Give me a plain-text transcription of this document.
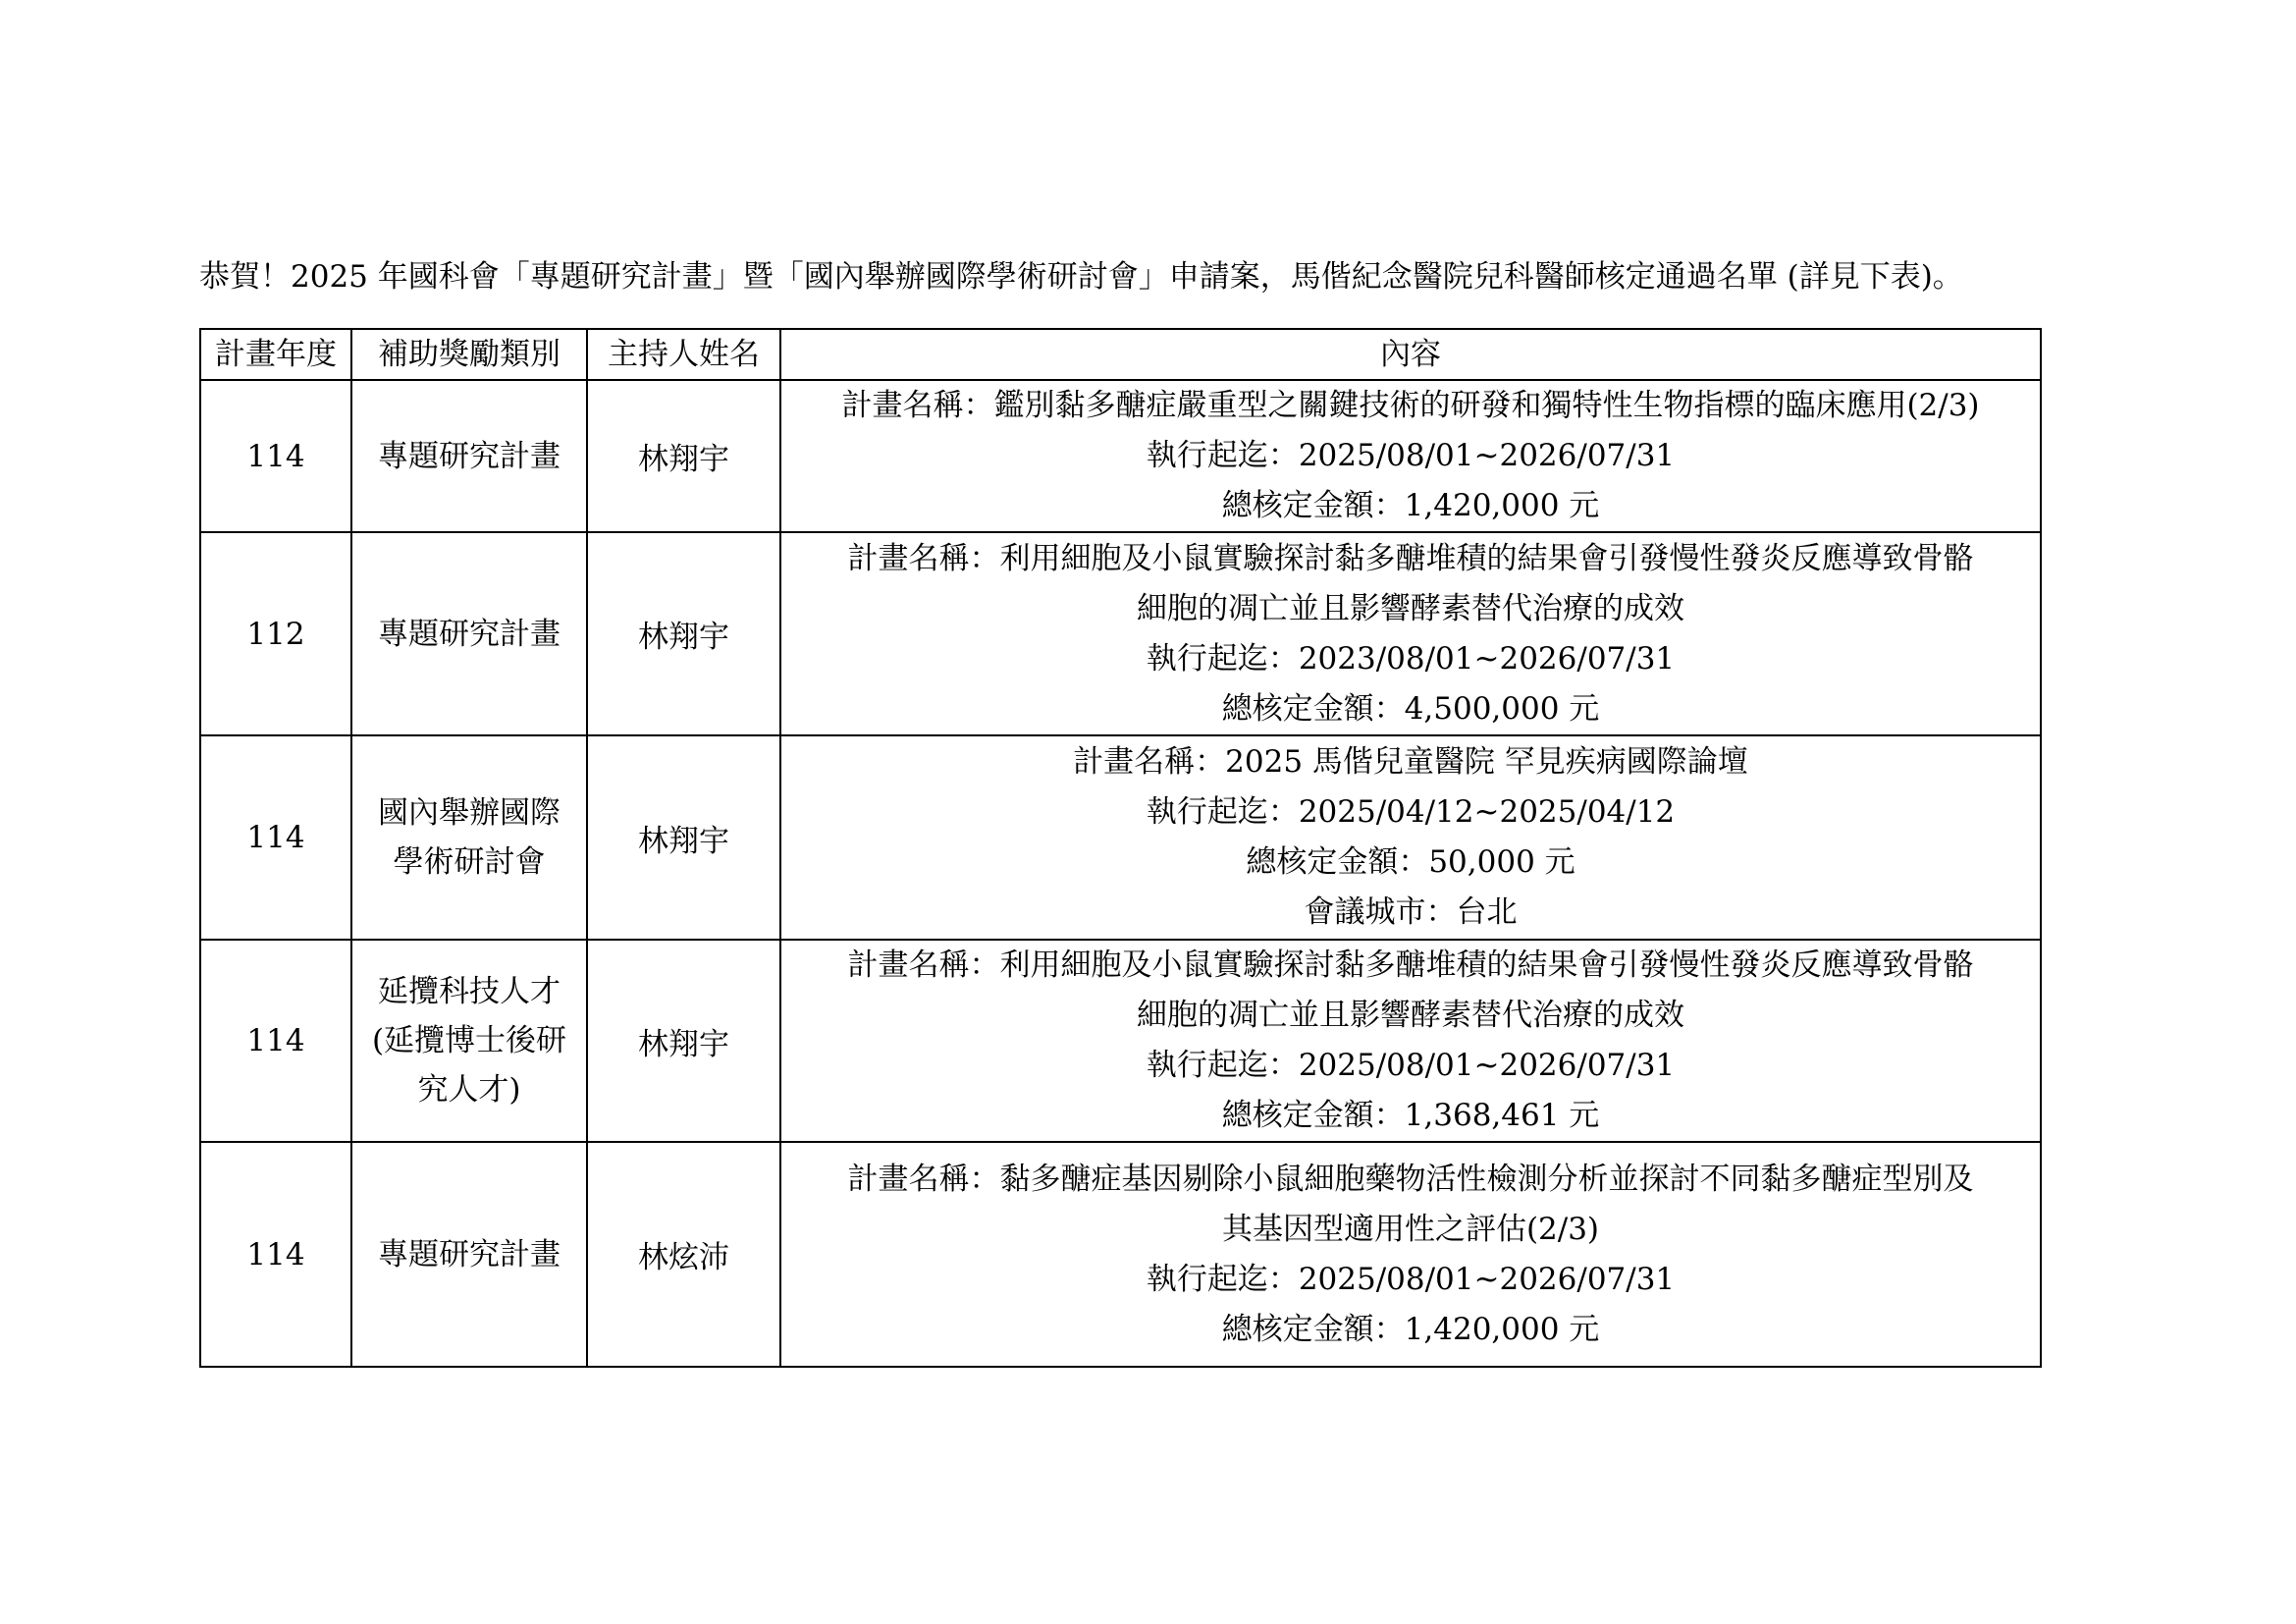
恭賀！2025 年國科會「專題研究計畫」暨「國內舉辦國際學術研討會」申請案，馬偕紀念醫院兒科醫師核定通過名單 (詳見下表)。
計畫年度	補助獎勵類別	主持人姓名	內容
114	專題研究計畫	林翔宇	計畫名稱：鑑別黏多醣症嚴重型之關鍵技術的研發和獨特性生物指標的臨床應用(2/3)
執行起迄：2025/08/01~2026/07/31
總核定金額：1,420,000 元

112	專題研究計畫	林翔宇	計畫名稱：利用細胞及小鼠實驗探討黏多醣堆積的結果會引發慢性發炎反應導致骨骼
細胞的凋亡並且影響酵素替代治療的成效
執行起迄：2023/08/01~2026/07/31
總核定金額：4,500,000 元

114	國內舉辦國際
學術研討會	林翔宇	計畫名稱：2025 馬偕兒童醫院 罕見疾病國際論壇
執行起迄：2025/04/12~2025/04/12
總核定金額：50,000 元
會議城市：台北

114	延攬科技人才
(延攬博士後研
究人才)	林翔宇	計畫名稱：利用細胞及小鼠實驗探討黏多醣堆積的結果會引發慢性發炎反應導致骨骼
細胞的凋亡並且影響酵素替代治療的成效
執行起迄：2025/08/01~2026/07/31
總核定金額：1,368,461 元

114	專題研究計畫	林炫沛	計畫名稱：黏多醣症基因剔除小鼠細胞藥物活性檢測分析並探討不同黏多醣症型別及
其基因型適用性之評估(2/3)
執行起迄：2025/08/01~2026/07/31
總核定金額：1,420,000 元
